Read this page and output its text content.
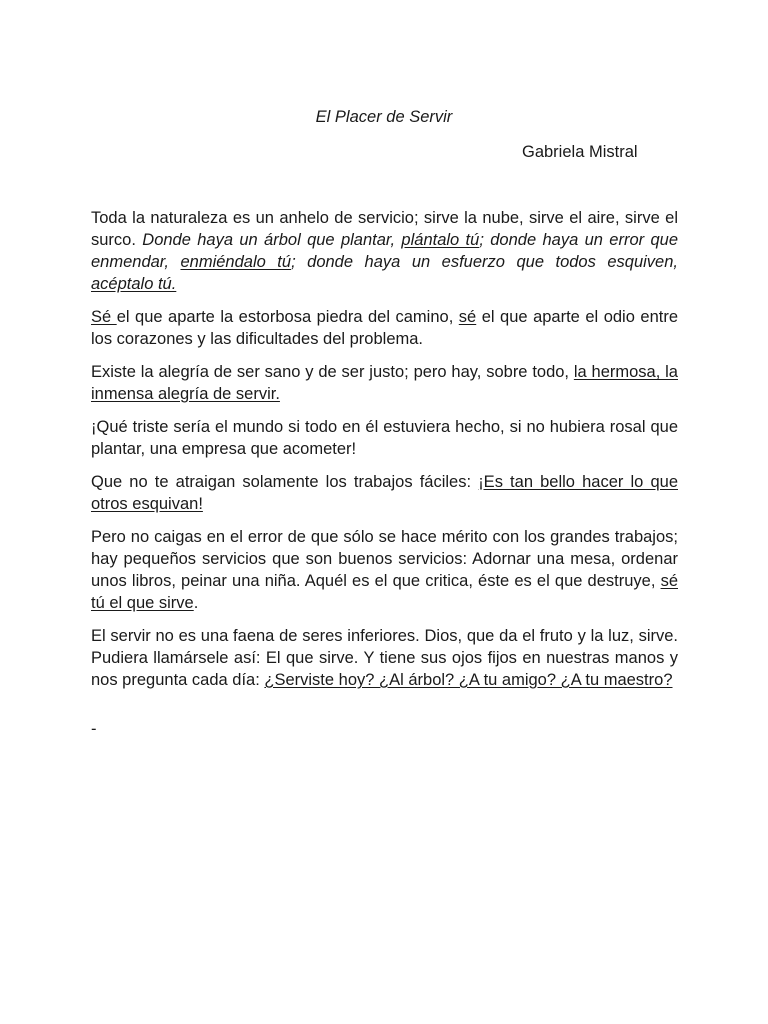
El Placer de Servir
Gabriela Mistral

Toda la naturaleza es un anhelo de servicio; sirve la nube, sirve el aire, sirve el surco. Donde haya un árbol que plantar, plántalo tú; donde haya un error que enmendar, enmiéndalo tú; donde haya un esfuerzo que todos esquiven, acéptalo tú.

Sé el que aparte la estorbosa piedra del camino, sé el que aparte el odio entre los corazones y las dificultades del problema.

Existe la alegría de ser sano y de ser justo; pero hay, sobre todo, la hermosa, la inmensa alegría de servir.

¡Qué triste sería el mundo si todo en él estuviera hecho, si no hubiera rosal que plantar, una empresa que acometer!

Que no te atraigan solamente los trabajos fáciles: ¡Es tan bello hacer lo que otros esquivan!

Pero no caigas en el error de que sólo se hace mérito con los grandes trabajos; hay pequeños servicios que son buenos servicios: Adornar una mesa, ordenar unos libros, peinar una niña. Aquél es el que critica, éste es el que destruye, sé tú el que sirve.

El servir no es una faena de seres inferiores. Dios, que da el fruto y la luz, sirve. Pudiera llamársele así: El que sirve. Y tiene sus ojos fijos en nuestras manos y nos pregunta cada día: ¿Serviste hoy? ¿Al árbol? ¿A tu amigo? ¿A tu maestro?

-
